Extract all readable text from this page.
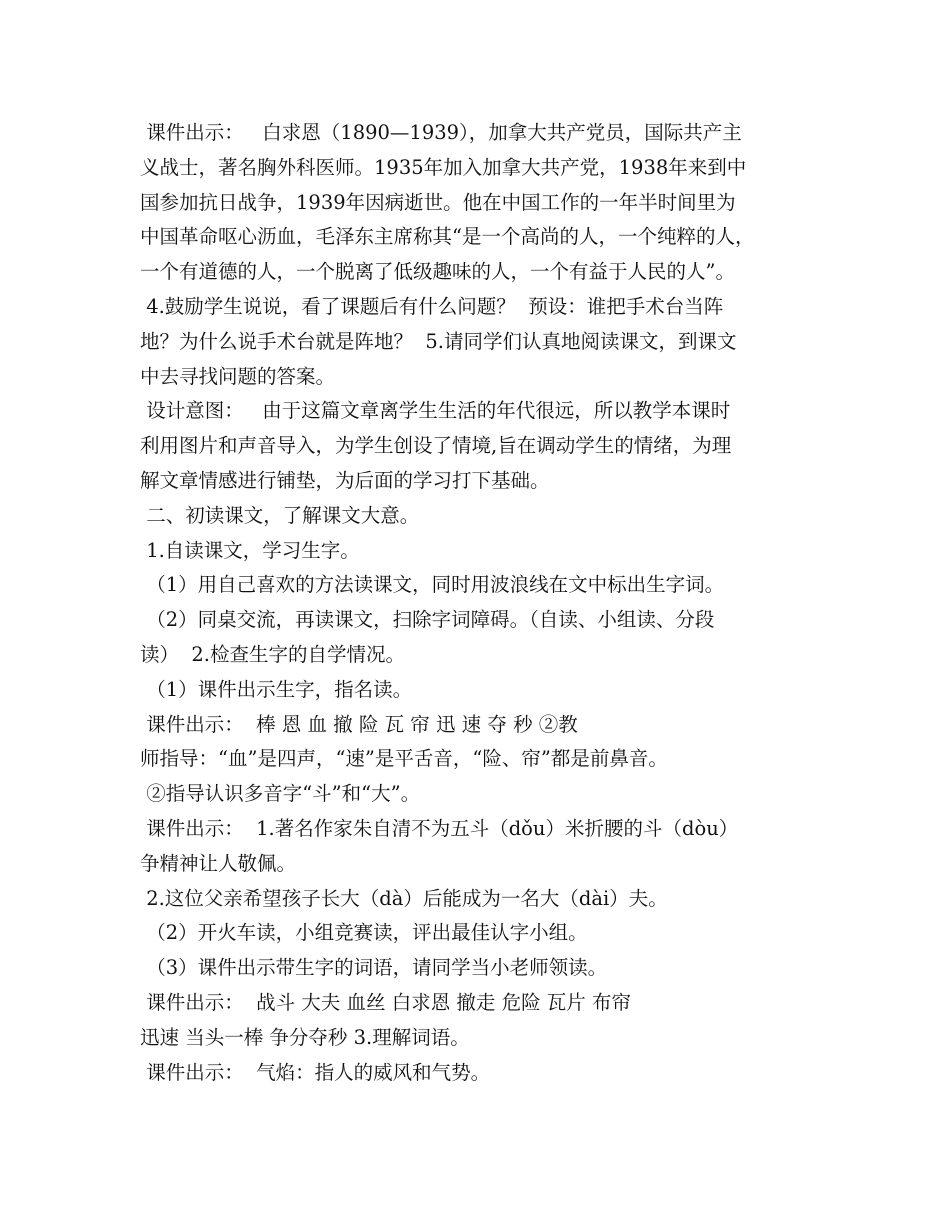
课件出示：   白求恩（1890—1939），加拿大共产党员，国际共产主
义战士，著名胸外科医师。1935年加入加拿大共产党，1938年来到中
国参加抗日战争，1939年因病逝世。他在中国工作的一年半时间里为
中国革命呕心沥血，毛泽东主席称其“是一个高尚的人，一个纯粹的人，
一个有道德的人，一个脱离了低级趣味的人，一个有益于人民的人”。
4.鼓励学生说说，看了课题后有什么问题？  预设：谁把手术台当阵
地？为什么说手术台就是阵地？  5.请同学们认真地阅读课文，到课文
中去寻找问题的答案。
设计意图：   由于这篇文章离学生生活的年代很远，所以教学本课时
利用图片和声音导入，为学生创设了情境,旨在调动学生的情绪，为理
解文章情感进行铺垫，为后面的学习打下基础。
二、初读课文，了解课文大意。
1.自读课文，学习生字。
（1）用自己喜欢的方法读课文，同时用波浪线在文中标出生字词。
（2）同桌交流，再读课文，扫除字词障碍。（自读、小组读、分段
读）  2.检查生字的自学情况。
（1）课件出示生字，指名读。
课件出示：  棒 恩 血 撤 险 瓦 帘 迅 速 夺 秒 ②教
师指导：“血”是四声，“速”是平舌音，“险、帘”都是前鼻音。
②指导认识多音字“斗”和“大”。
课件出示：  1.著名作家朱自清不为五斗（dǒu）米折腰的斗（dòu）
争精神让人敬佩。
2.这位父亲希望孩子长大（dà）后能成为一名大（dài）夫。
（2）开火车读，小组竞赛读，评出最佳认字小组。
（3）课件出示带生字的词语，请同学当小老师领读。
课件出示：  战斗 大夫 血丝 白求恩 撤走 危险 瓦片 布帘
迅速 当头一棒 争分夺秒 3.理解词语。
课件出示：  气焰：指人的威风和气势。
